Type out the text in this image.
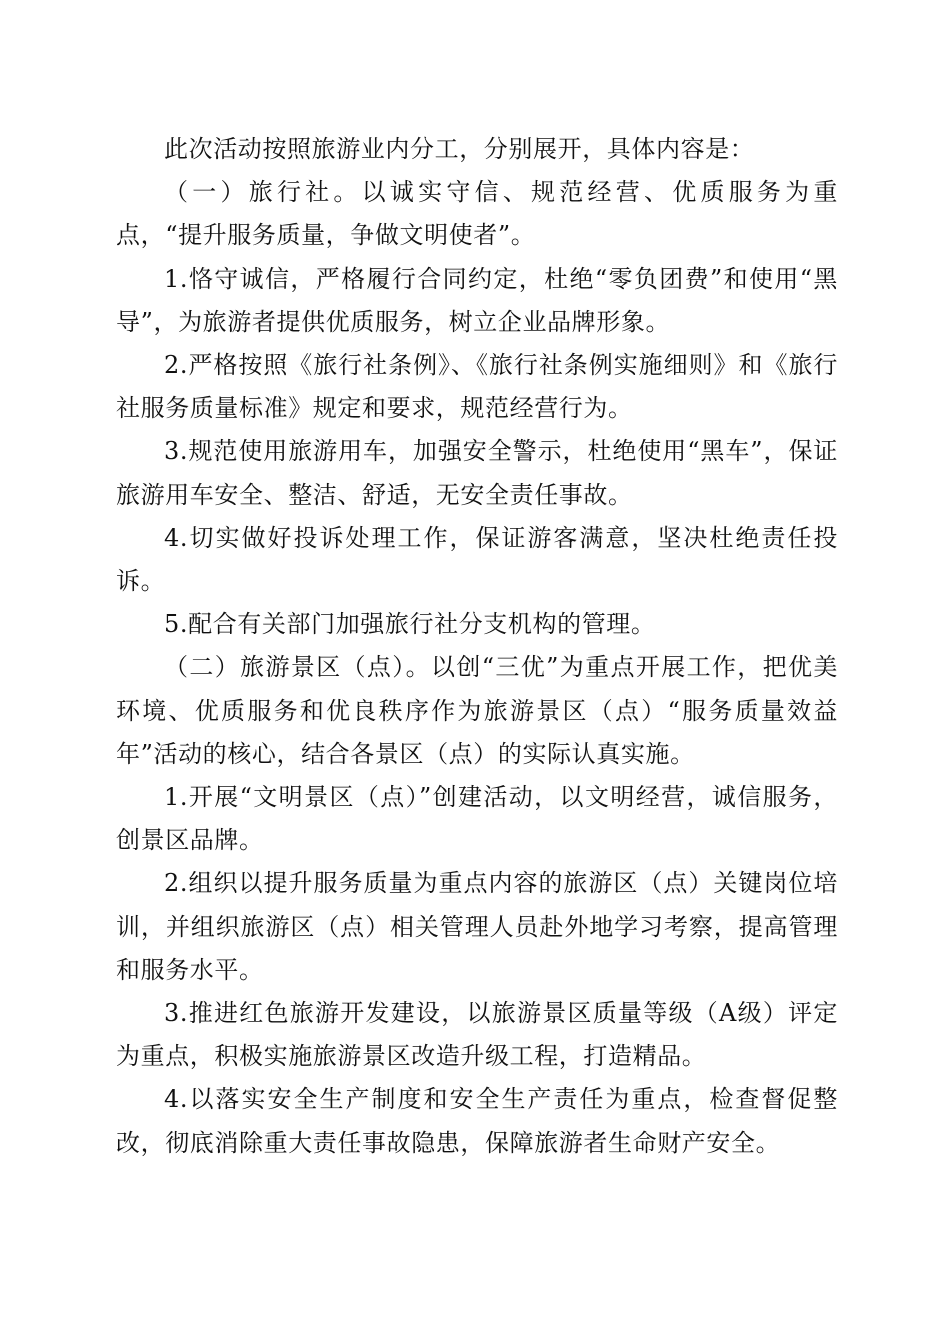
此次活动按照旅游业内分工，分别展开，具体内容是：

（一）旅行社。以诚实守信、规范经营、优质服务为重点，“提升服务质量，争做文明使者”。

1.恪守诚信，严格履行合同约定，杜绝“零负团费”和使用“黑导”，为旅游者提供优质服务，树立企业品牌形象。

2.严格按照《旅行社条例》、《旅行社条例实施细则》和《旅行社服务质量标准》规定和要求，规范经营行为。

3.规范使用旅游用车，加强安全警示，杜绝使用“黑车”，保证旅游用车安全、整洁、舒适，无安全责任事故。

4.切实做好投诉处理工作，保证游客满意，坚决杜绝责任投诉。

5.配合有关部门加强旅行社分支机构的管理。

（二）旅游景区（点）。以创“三优”为重点开展工作，把优美环境、优质服务和优良秩序作为旅游景区（点）“服务质量效益年”活动的核心，结合各景区（点）的实际认真实施。

1.开展“文明景区（点）”创建活动，以文明经营，诚信服务，创景区品牌。

2.组织以提升服务质量为重点内容的旅游区（点）关键岗位培训，并组织旅游区（点）相关管理人员赴外地学习考察，提高管理和服务水平。

3.推进红色旅游开发建设，以旅游景区质量等级（A级）评定为重点，积极实施旅游景区改造升级工程，打造精品。

4.以落实安全生产制度和安全生产责任为重点，检查督促整改，彻底消除重大责任事故隐患，保障旅游者生命财产安全。
